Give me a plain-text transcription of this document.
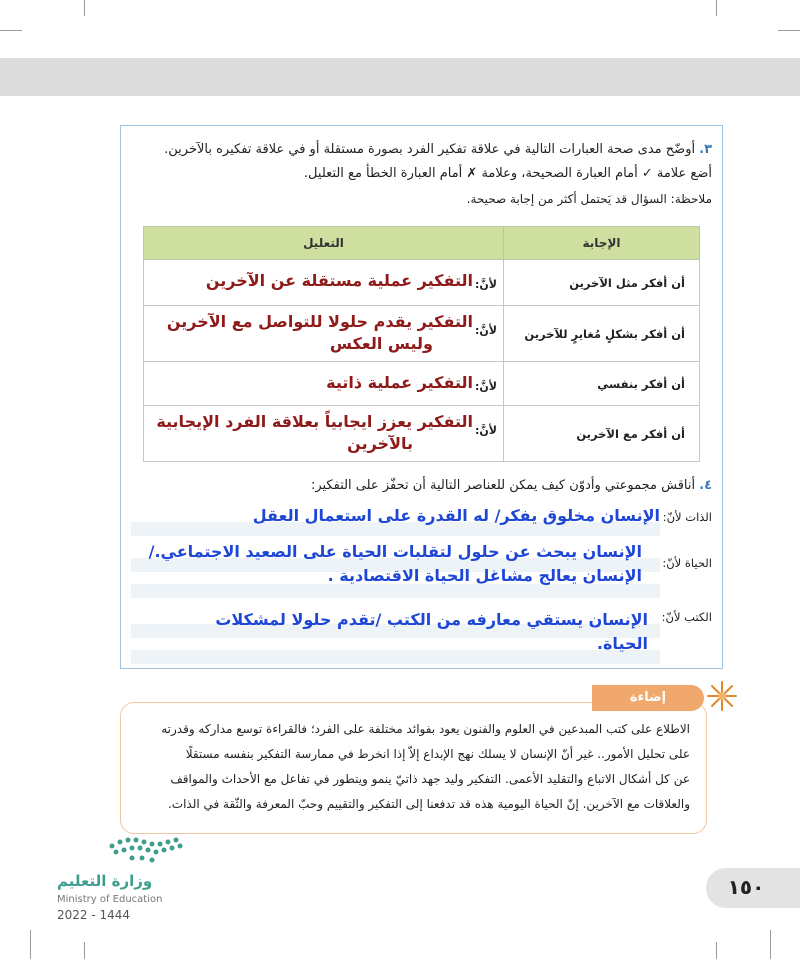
٣.أوضّح مدى صحة العبارات التالية في علاقة تفكير الفرد بصورة مستقلة أو في علاقة تفكيره بالآخرين.
أضع علامة ✓ أمام العبارة الصحيحة، وعلامة ✗ أمام العبارة الخطأ مع التعليل.
ملاحظة: السؤال قد يَحتمل أكثر من إجابة صحيحة.
الإجابة	التعليل
أن أفكر مثل الآخرين	لأنَّ:
التفكير عملية مستقلة عن الآخرين

أن أفكر بشكلٍ مُغايرٍ للآخرين	لأنَّ:
التفكير يقدم حلولا للتواصل مع الآخرين
وليس العكس

أن أفكر بنفسي	لأنَّ:
التفكير عملية ذاتية

أن أفكر مع الآخرين	لأنَّ:
التفكير يعزز ايجابياً بعلاقة الفرد الإيجابية
بالآخرين
٤.أناقش مجموعتي وأدوّن كيف يمكن للعناصر التالية أن تحفّز على التفكير:
الذات لأنّ:
الإنسان مخلوق يفكر/ له القدرة على استعمال العقل
الحياة لأنّ:
الإنسان يبحث عن حلول لتقلبات الحياة على الصعيد الاجتماعي./
الإنسان يعالج مشاغل الحياة الاقتصادية .
الكتب لأنّ:
الإنسان يستقي معارفه من الكتب /تقدم حلولا لمشكلات
الحياة.
الاطلاع على كتب المبدعين في العلوم والفنون يعود بفوائد مختلفة على الفرد؛ فالقراءة توسع مداركه وقدرته
على تحليل الأمور.. غير أنّ الإنسان لا يسلك نهج الإبداع إلاّ إذا انخرط في ممارسة التفكير بنفسه مستقلًا
عن كل أشكال الاتباع والتقليد الأعمى. التفكير وليد جهد ذاتيّ ينمو ويتطور في تفاعل مع الأحداث والمواقف
والعلاقات مع الآخرين. إنّ الحياة اليومية هذه قد تدفعنا إلى التفكير والتقييم وحبّ المعرفة والثّقة في الذات.
إضاءة
وزارة التعليم
Ministry of Education
2022 - 1444
١٥٠
